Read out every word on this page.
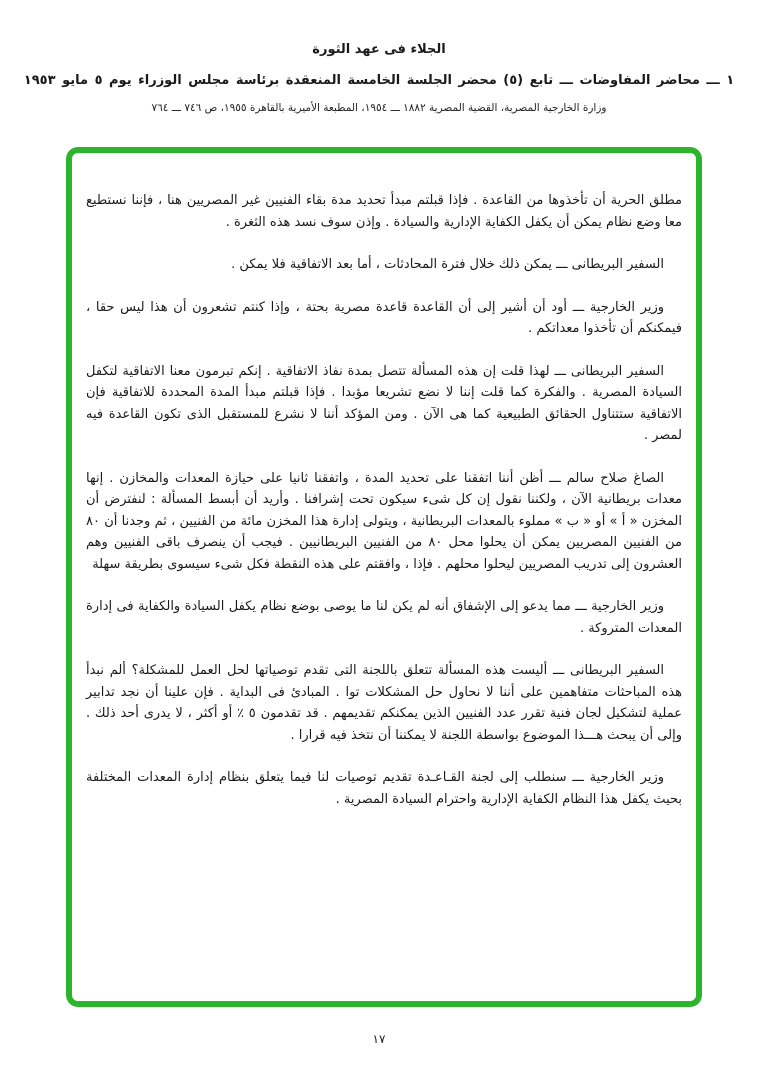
الجلاء فى عهد الثورة
١ ـــ محاضر المفاوضات ـــ تابع (٥) محضر الجلسة الخامسة المنعقدة برئاسة مجلس الوزراء يوم ٥ مايو ١٩٥٣
وزارة الخارجية المصرية، القضية المصرية ١٨٨٢ ـــ ١٩٥٤، المطبعة الأميرية بالقاهرة ١٩٥٥، ص ٧٤٦ ـــ ٧٦٤

مطلق الحرية أن تأخذوها من القاعدة . فإذا قبلتم مبدأ تحديد مدة بقاء الفنيين غير المصريين هنا ، فإننا نستطيع معا وضع نظام يمكن أن يكفل الكفاية الإدارية والسيادة . وإذن سوف نسد هذه الثغرة .

السفير البريطانى ـــ يمكن ذلك خلال فترة المحادثات ، أما بعد الاتفاقية فلا يمكن .

وزير الخارجية ـــ أود أن أشير إلى أن القاعدة قاعدة مصرية بحتة ، وإذا كنتم تشعرون أن هذا ليس حقا ، فيمكنكم أن تأخذوا معداتكم .

السفير البريطانى ـــ لهذا قلت إن هذه المسألة تتصل بمدة نفاذ الاتفاقية . إنكم تبرمون معنا الاتفاقية لتكفل السيادة المصرية . والفكرة كما قلت إننا لا نضع تشريعا مؤبدا . فإذا قبلتم مبدأ المدة المحددة للاتفاقية فإن الاتفاقية ستتناول الحقائق الطبيعية كما هى الآن . ومن المؤكد أننا لا نشرع للمستقبل الذى تكون القاعدة فيه لمصر .

الصاغ صلاح سالم ـــ أظن أننا اتفقنا على تحديد المدة ، واتفقنا ثانيا على حيازة المعدات والمخازن . إنها معدات بريطانية الآن ، ولكننا نقول إن كل شىء سيكون تحت إشرافنا . وأريد أن أبسط المسألة : لنفترض أن المخزن « أ » أو « ب » مملوء بالمعدات البريطانية ، ويتولى إدارة هذا المخزن مائة من الفنيين ، ثم وجدنا أن ٨٠ من الفنيين المصريين يمكن أن يحلوا محل ٨٠ من الفنيين البريطانيين . فيجب أن ينصرف باقى الفنيين وهم العشرون إلى تدريب المصريين ليحلوا محلهم . فإذا ، وافقتم على هذه النقطة فكل شىء سيسوى بطريقة سهلة

وزير الخارجية ـــ مما يدعو إلى الإشفاق أنه لم يكن لنا ما يوصى بوضع نظام يكفل السيادة والكفاية فى إدارة المعدات المتروكة .

السفير البريطانى ـــ أليست هذه المسألة تتعلق باللجنة التى تقدم توصياتها لحل العمل للمشكلة؟ ألم نبدأ هذه المباحثات متفاهمين على أننا لا نحاول حل المشكلات توا . المبادئ فى البداية . فإن علينا أن نجد تدابير عملية لتشكيل لجان فنية تقرر عدد الفنيين الذين يمكنكم تقديمهم . قد تقدمون ٥ ٪ أو أكثر ، لا يدرى أحد ذلك . وإلى أن يبحث هـــذا الموضوع بواسطة اللجنة لا يمكننا أن نتخذ فيه قرارا .

وزير الخارجية ـــ سنطلب إلى لجنة القـاعـدة تقديم توصيات لنا فيما يتعلق بنظام إدارة المعدات المختلفة بحيث يكفل هذا النظام الكفاية الإدارية واحترام السيادة المصرية .

١٧
